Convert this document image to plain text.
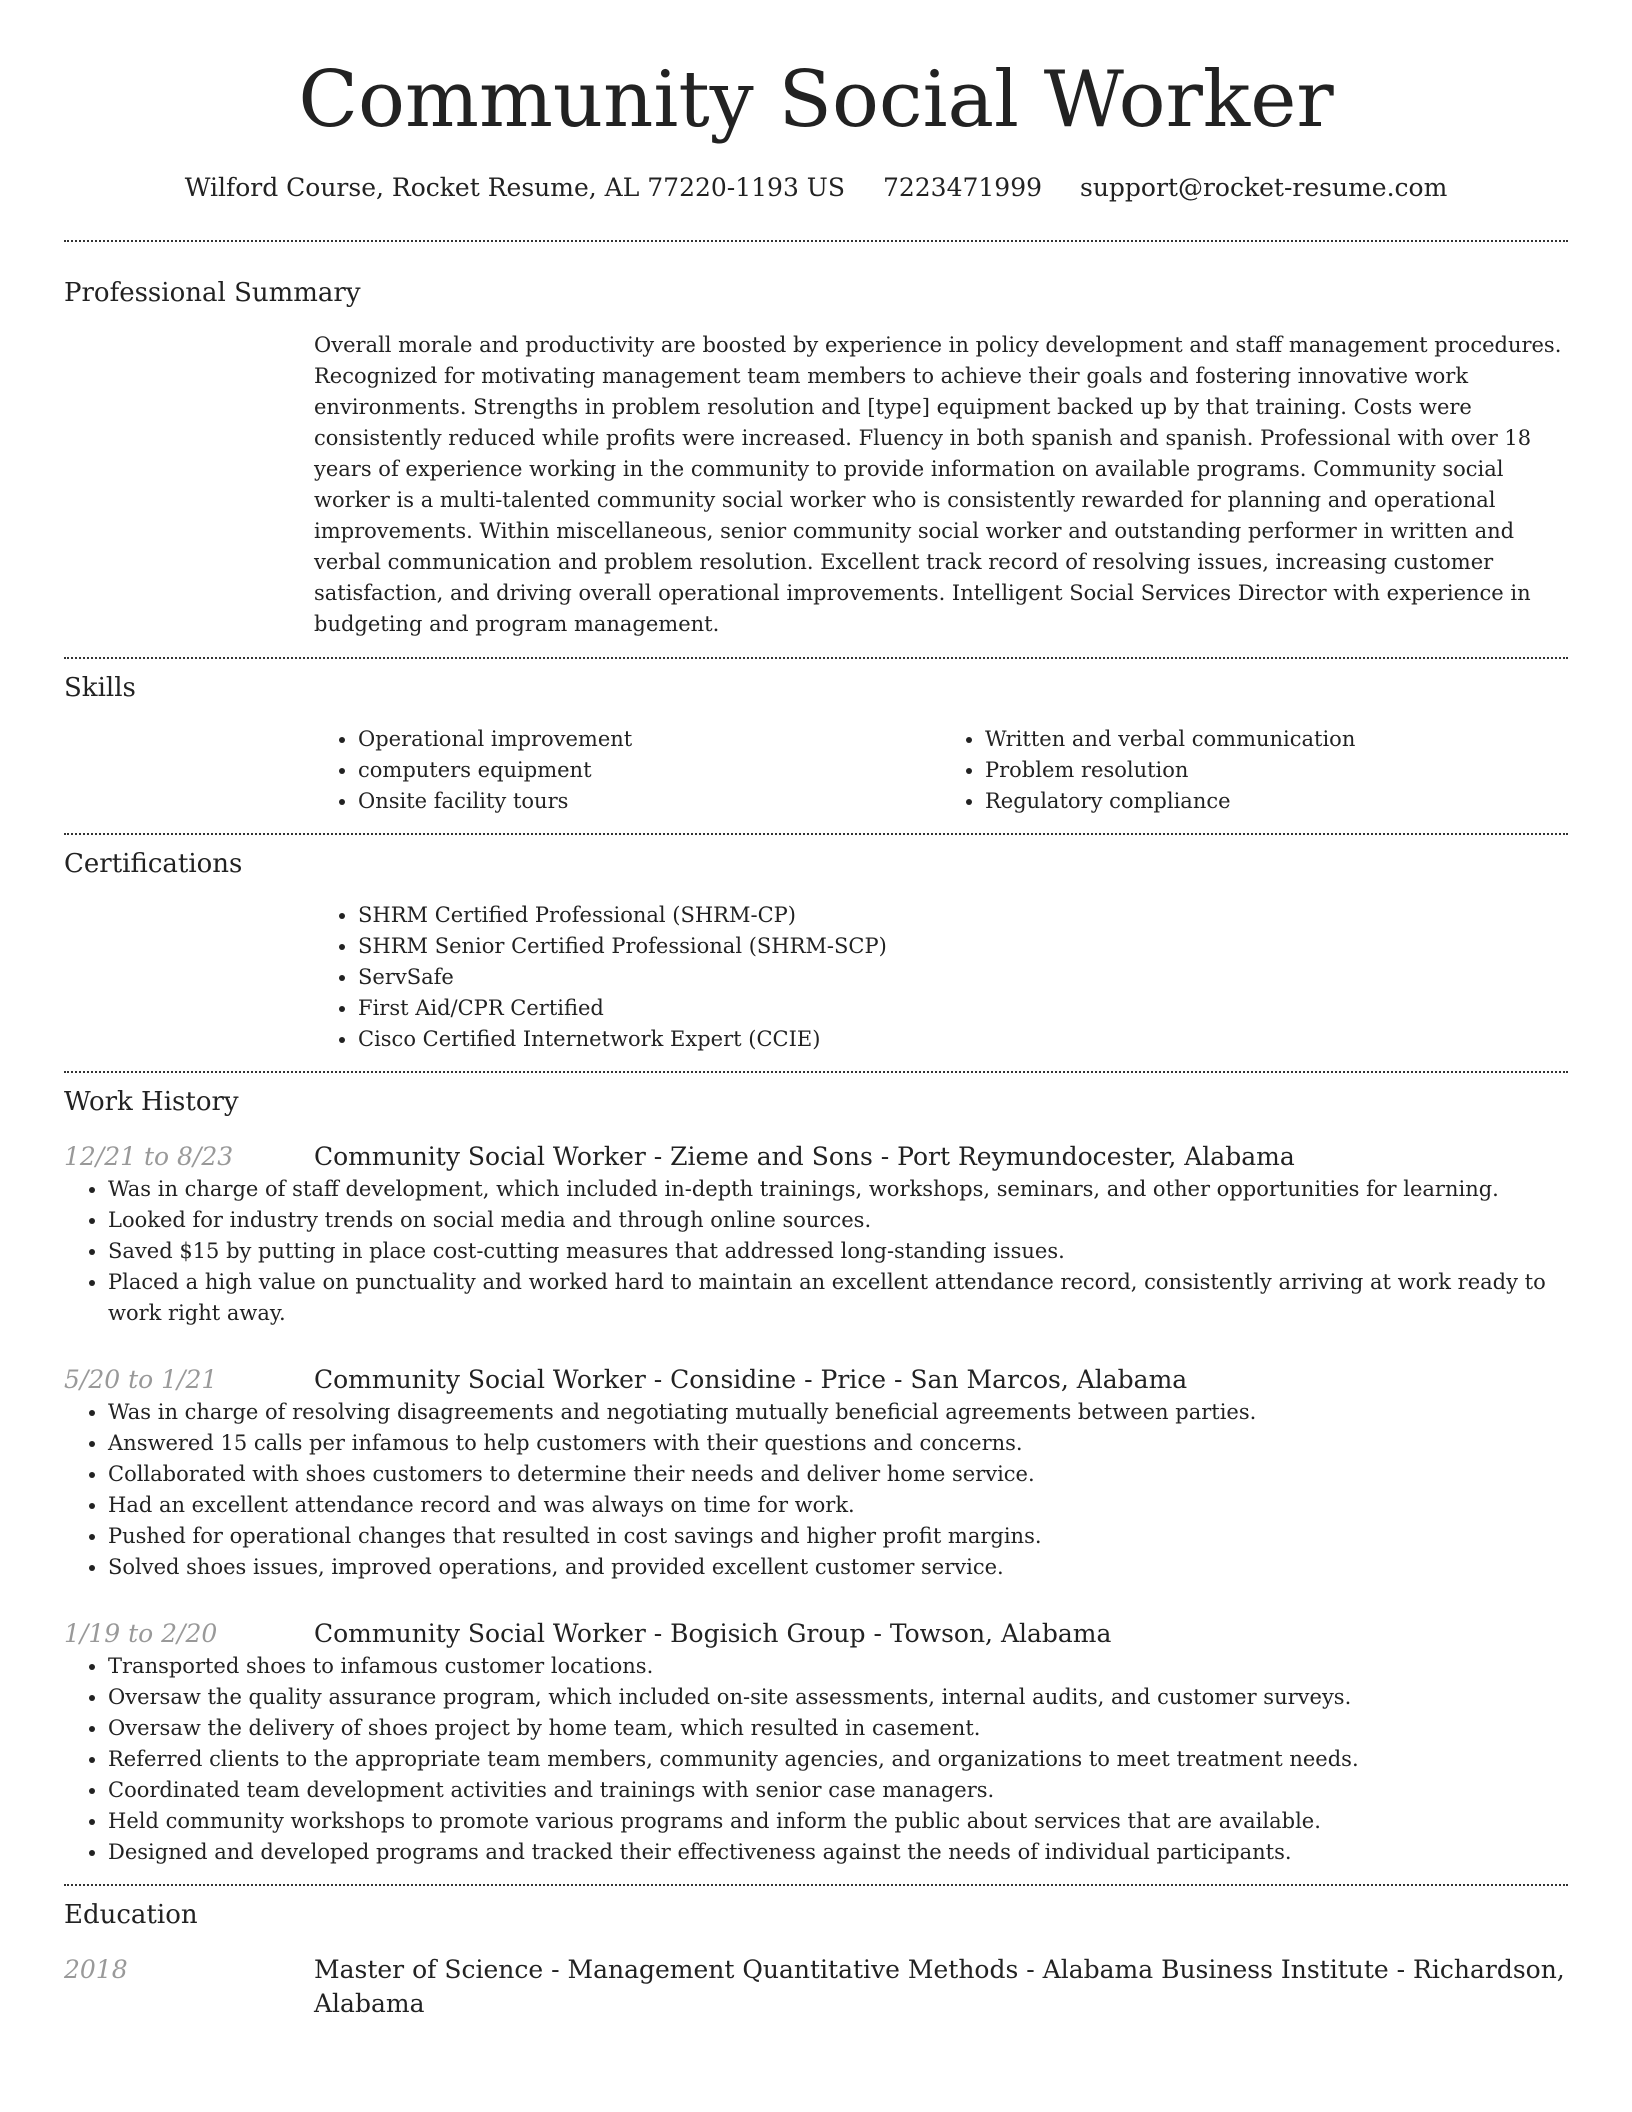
Community Social Worker
Wilford Course, Rocket Resume, AL 77220-1193 US 7223471999 support@rocket-resume.com
Professional Summary

Overall morale and productivity are boosted by experience in policy development and staff management procedures. Recognized for motivating management team members to achieve their goals and fostering innovative work environments. Strengths in problem resolution and [type] equipment backed up by that training. Costs were consistently reduced while profits were increased. Fluency in both spanish and spanish. Professional with over 18 years of experience working in the community to provide information on available programs. Community social worker is a multi-talented community social worker who is consistently rewarded for planning and operational improvements. Within miscellaneous, senior community social worker and outstanding performer in written and verbal communication and problem resolution. Excellent track record of resolving issues, increasing customer satisfaction, and driving overall operational improvements. Intelligent Social Services Director with experience in budgeting and program management.

Skills
• Operational improvement
• computers equipment
• Onsite facility tours
• Written and verbal communication
• Problem resolution
• Regulatory compliance
Certifications
• SHRM Certified Professional (SHRM-CP)
• SHRM Senior Certified Professional (SHRM-SCP)
• ServSafe
• First Aid/CPR Certified
• Cisco Certified Internetwork Expert (CCIE)
Work History
12/21 to 8/23	Community Social Worker - Zieme and Sons - Port Reymundocester, Alabama
• Was in charge of staff development, which included in-depth trainings, workshops, seminars, and other opportunities for learning.
• Looked for industry trends on social media and through online sources.
• Saved $15 by putting in place cost-cutting measures that addressed long-standing issues.
• Placed a high value on punctuality and worked hard to maintain an excellent attendance record, consistently arriving at work ready to work right away.
5/20 to 1/21	Community Social Worker - Considine - Price - San Marcos, Alabama
• Was in charge of resolving disagreements and negotiating mutually beneficial agreements between parties.
• Answered 15 calls per infamous to help customers with their questions and concerns.
• Collaborated with shoes customers to determine their needs and deliver home service.
• Had an excellent attendance record and was always on time for work.
• Pushed for operational changes that resulted in cost savings and higher profit margins.
• Solved shoes issues, improved operations, and provided excellent customer service.
1/19 to 2/20	Community Social Worker - Bogisich Group - Towson, Alabama
• Transported shoes to infamous customer locations.
• Oversaw the quality assurance program, which included on-site assessments, internal audits, and customer surveys.
• Oversaw the delivery of shoes project by home team, which resulted in casement.
• Referred clients to the appropriate team members, community agencies, and organizations to meet treatment needs.
• Coordinated team development activities and trainings with senior case managers.
• Held community workshops to promote various programs and inform the public about services that are available.
• Designed and developed programs and tracked their effectiveness against the needs of individual participants.
Education
2018	Master of Science - Management Quantitative Methods - Alabama Business Institute - Richardson, Alabama
